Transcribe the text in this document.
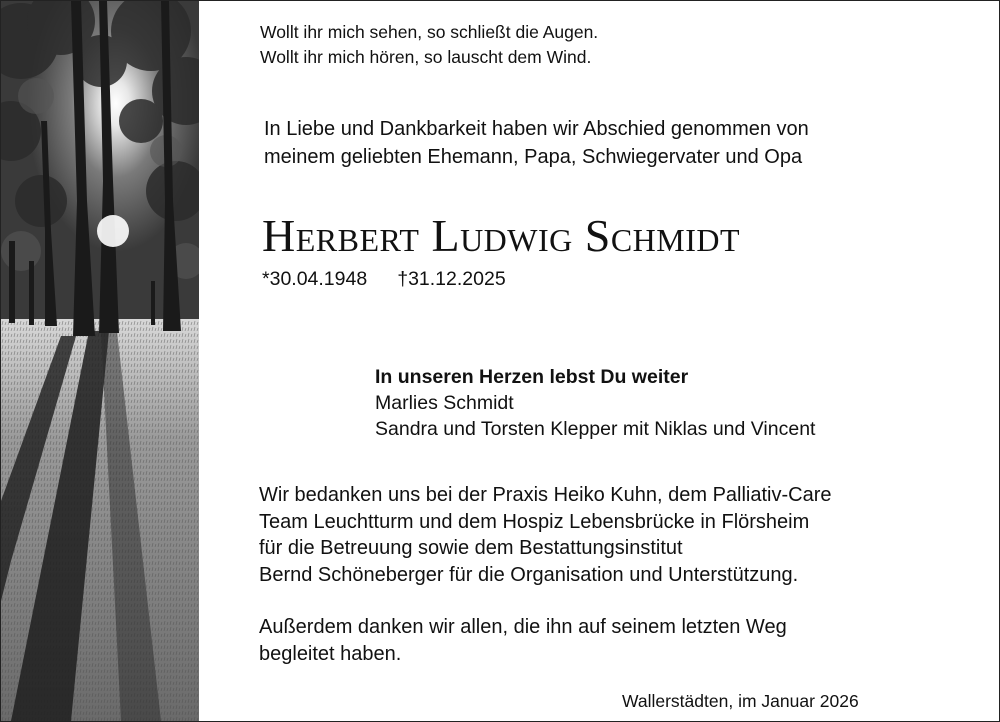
Wollt ihr mich sehen, so schließt die Augen.
Wollt ihr mich hören, so lauscht dem Wind.
In Liebe und Dankbarkeit haben wir Abschied genommen von
meinem geliebten Ehemann, Papa, Schwiegervater und Opa
Herbert Ludwig Schmidt
*30.04.1948 †31.12.2025
In unseren Herzen lebst Du weiter
Marlies Schmidt
Sandra und Torsten Klepper mit Niklas und Vincent
Wir bedanken uns bei der Praxis Heiko Kuhn, dem Palliativ-Care
Team Leuchtturm und dem Hospiz Lebensbrücke in Flörsheim
für die Betreuung sowie dem Bestattungsinstitut
Bernd Schöneberger für die Organisation und Unterstützung.
Außerdem danken wir allen, die ihn auf seinem letzten Weg
begleitet haben.
Wallerstädten, im Januar 2026
